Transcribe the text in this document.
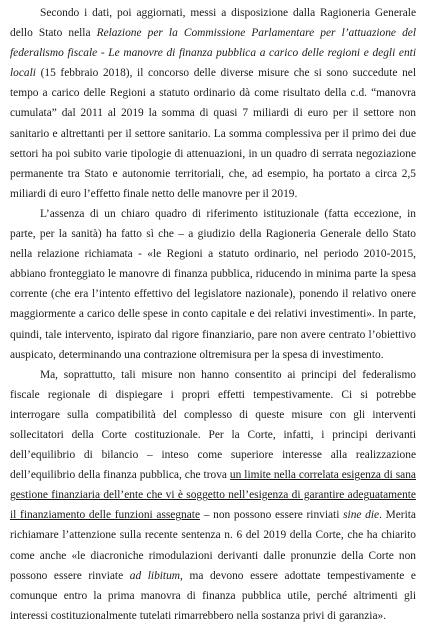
Secondo i dati, poi aggiornati, messi a disposizione dalla Ragioneria Generale
dello Stato nella Relazione per la Commissione Parlamentare per l’attuazione del
federalismo fiscale - Le manovre di finanza pubblica a carico delle regioni e degli enti
locali (15 febbraio 2018), il concorso delle diverse misure che si sono succedute nel
tempo a carico delle Regioni a statuto ordinario dà come risultato della c.d. “manovra
cumulata” dal 2011 al 2019 la somma di quasi 7 miliardi di euro per il settore non
sanitario e altrettanti per il settore sanitario. La somma complessiva per il primo dei due
settori ha poi subito varie tipologie di attenuazioni, in un quadro di serrata negoziazione
permanente tra Stato e autonomie territoriali, che, ad esempio, ha portato a circa 2,5
miliardi di euro l’effetto finale netto delle manovre per il 2019.
L’assenza di un chiaro quadro di riferimento istituzionale (fatta eccezione, in
parte, per la sanità) ha fatto sì che – a giudizio della Ragioneria Generale dello Stato
nella relazione richiamata - «le Regioni a statuto ordinario, nel periodo 2010-2015,
abbiano fronteggiato le manovre di finanza pubblica, riducendo in minima parte la spesa
corrente (che era l’intento effettivo del legislatore nazionale), ponendo il relativo onere
maggiormente a carico delle spese in conto capitale e dei relativi investimenti». In parte,
quindi, tale intervento, ispirato dal rigore finanziario, pare non avere centrato l’obiettivo
auspicato, determinando una contrazione oltremisura per la spesa di investimento.
Ma, soprattutto, tali misure non hanno consentito ai principi del federalismo
fiscale regionale di dispiegare i propri effetti tempestivamente. Ci si potrebbe
interrogare sulla compatibilità del complesso di queste misure con gli interventi
sollecitatori della Corte costituzionale. Per la Corte, infatti, i principi derivanti
dell’equilibrio di bilancio – inteso come superiore interesse alla realizzazione
dell’equilibrio della finanza pubblica, che trova un limite nella correlata esigenza di sana
gestione finanziaria dell’ente che vi è soggetto nell’esigenza di garantire adeguatamente
il finanziamento delle funzioni assegnate – non possono essere rinviati sine die. Merita
richiamare l’attenzione sulla recente sentenza n. 6 del 2019 della Corte, che ha chiarito
come anche «le diacroniche rimodulazioni derivanti dalle pronunzie della Corte non
possono essere rinviate ad libitum, ma devono essere adottate tempestivamente e
comunque entro la prima manovra di finanza pubblica utile, perché altrimenti gli
interessi costituzionalmente tutelati rimarrebbero nella sostanza privi di garanzia».
